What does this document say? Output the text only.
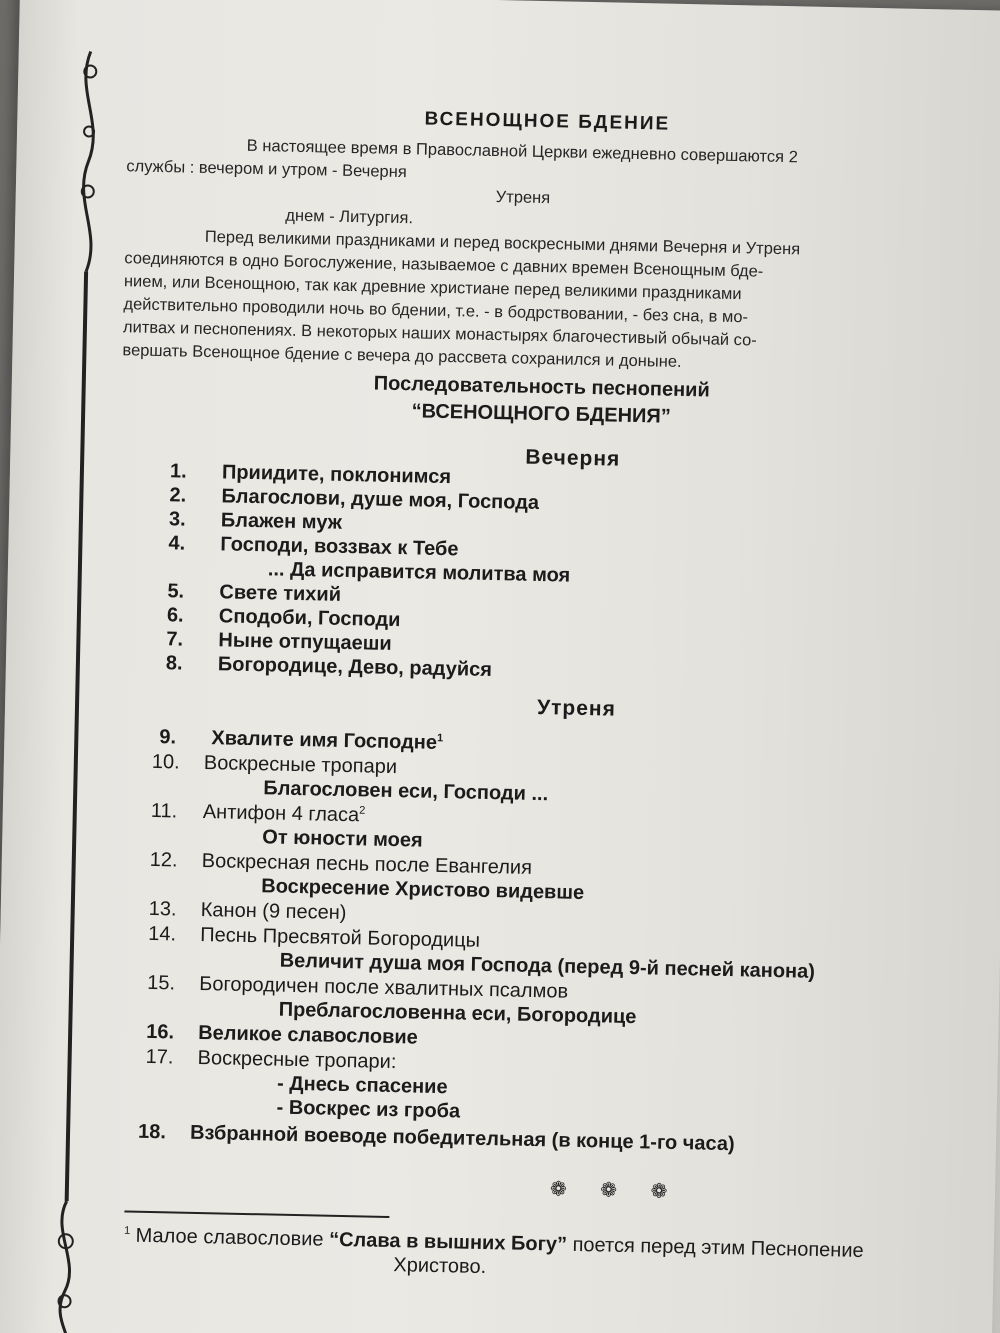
ВСЕНОЩНОЕ БДЕНИЕ
В настоящее время в Православной Церкви ежедневно совершаются 2
службы : вечером и утром - Вечерня
Утреня
днем - Литургия.
Перед великими праздниками и перед воскресными днями Вечерня и Утреня
соединяются в одно Богослужение, называемое с давних времен Всенощным бде-
нием, или Всенощною, так как древние христиане перед великими праздниками
действительно проводили ночь во бдении, т.е. - в бодрствовании, - без сна, в мо-
литвах и песнопениях. В некоторых наших монастырях благочестивый обычай со-
вершать Всенощное бдение с вечера до рассвета сохранился и доныне.
Последовательность песнопений
“ВСЕНОЩНОГО БДЕНИЯ”
Вечерня
1. Приидите, поклонимся
2. Благослови, душе моя, Господа
3. Блажен муж
4. Господи, воззвах к Тебе
... Да исправится молитва моя
5. Свете тихий
6. Сподоби, Господи
7. Ныне отпущаеши
8. Богородице, Дево, радуйся
Утреня
9. Хвалите имя Господне$^1$
10. Воскресные тропари
Благословен еси, Господи ...
11. Антифон 4 гласа$^2$
От юности моея
12. Воскресная песнь после Евангелия
Воскресение Христово видевше
13. Канон (9 песен)
14. Песнь Пресвятой Богородицы
Величит душа моя Господа (перед 9-й песней канона)
15. Богородичен после хвалитных псалмов
Преблагословенна еси, Богородице
16. Великое славословие
17. Воскресные тропари:
- Днесь спасение
- Воскрес из гроба
18. Взбранной воеводе победительная (в конце 1-го часа)
❁ ❁ ❁
$^1$ Малое славословие “Слава в вышних Богу” поется перед этим Песнопение
Христово.
